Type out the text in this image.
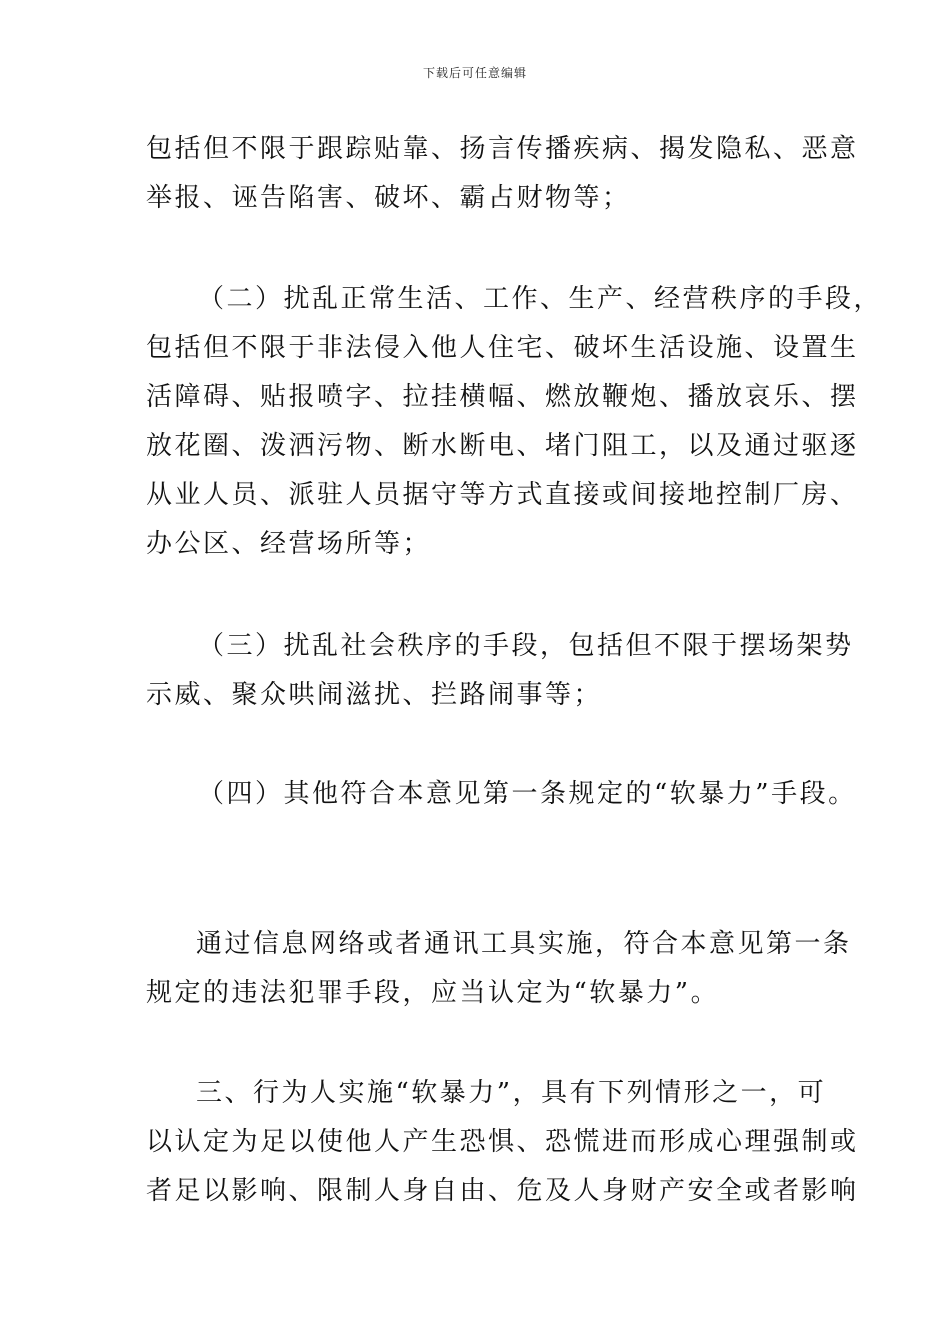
下载后可任意编辑
包括但不限于跟踪贴靠、扬言传播疾病、揭发隐私、恶意
举报、诬告陷害、破坏、霸占财物等；
（二）扰乱正常生活、工作、生产、经营秩序的手段，
包括但不限于非法侵入他人住宅、破坏生活设施、设置生
活障碍、贴报喷字、拉挂横幅、燃放鞭炮、播放哀乐、摆
放花圈、泼洒污物、断水断电、堵门阻工，以及通过驱逐
从业人员、派驻人员据守等方式直接或间接地控制厂房、
办公区、经营场所等；
（三）扰乱社会秩序的手段，包括但不限于摆场架势
示威、聚众哄闹滋扰、拦路闹事等；
（四）其他符合本意见第一条规定的“软暴力”手段。
通过信息网络或者通讯工具实施，符合本意见第一条
规定的违法犯罪手段，应当认定为“软暴力”。
三、行为人实施“软暴力”，具有下列情形之一，可
以认定为足以使他人产生恐惧、恐慌进而形成心理强制或
者足以影响、限制人身自由、危及人身财产安全或者影响
